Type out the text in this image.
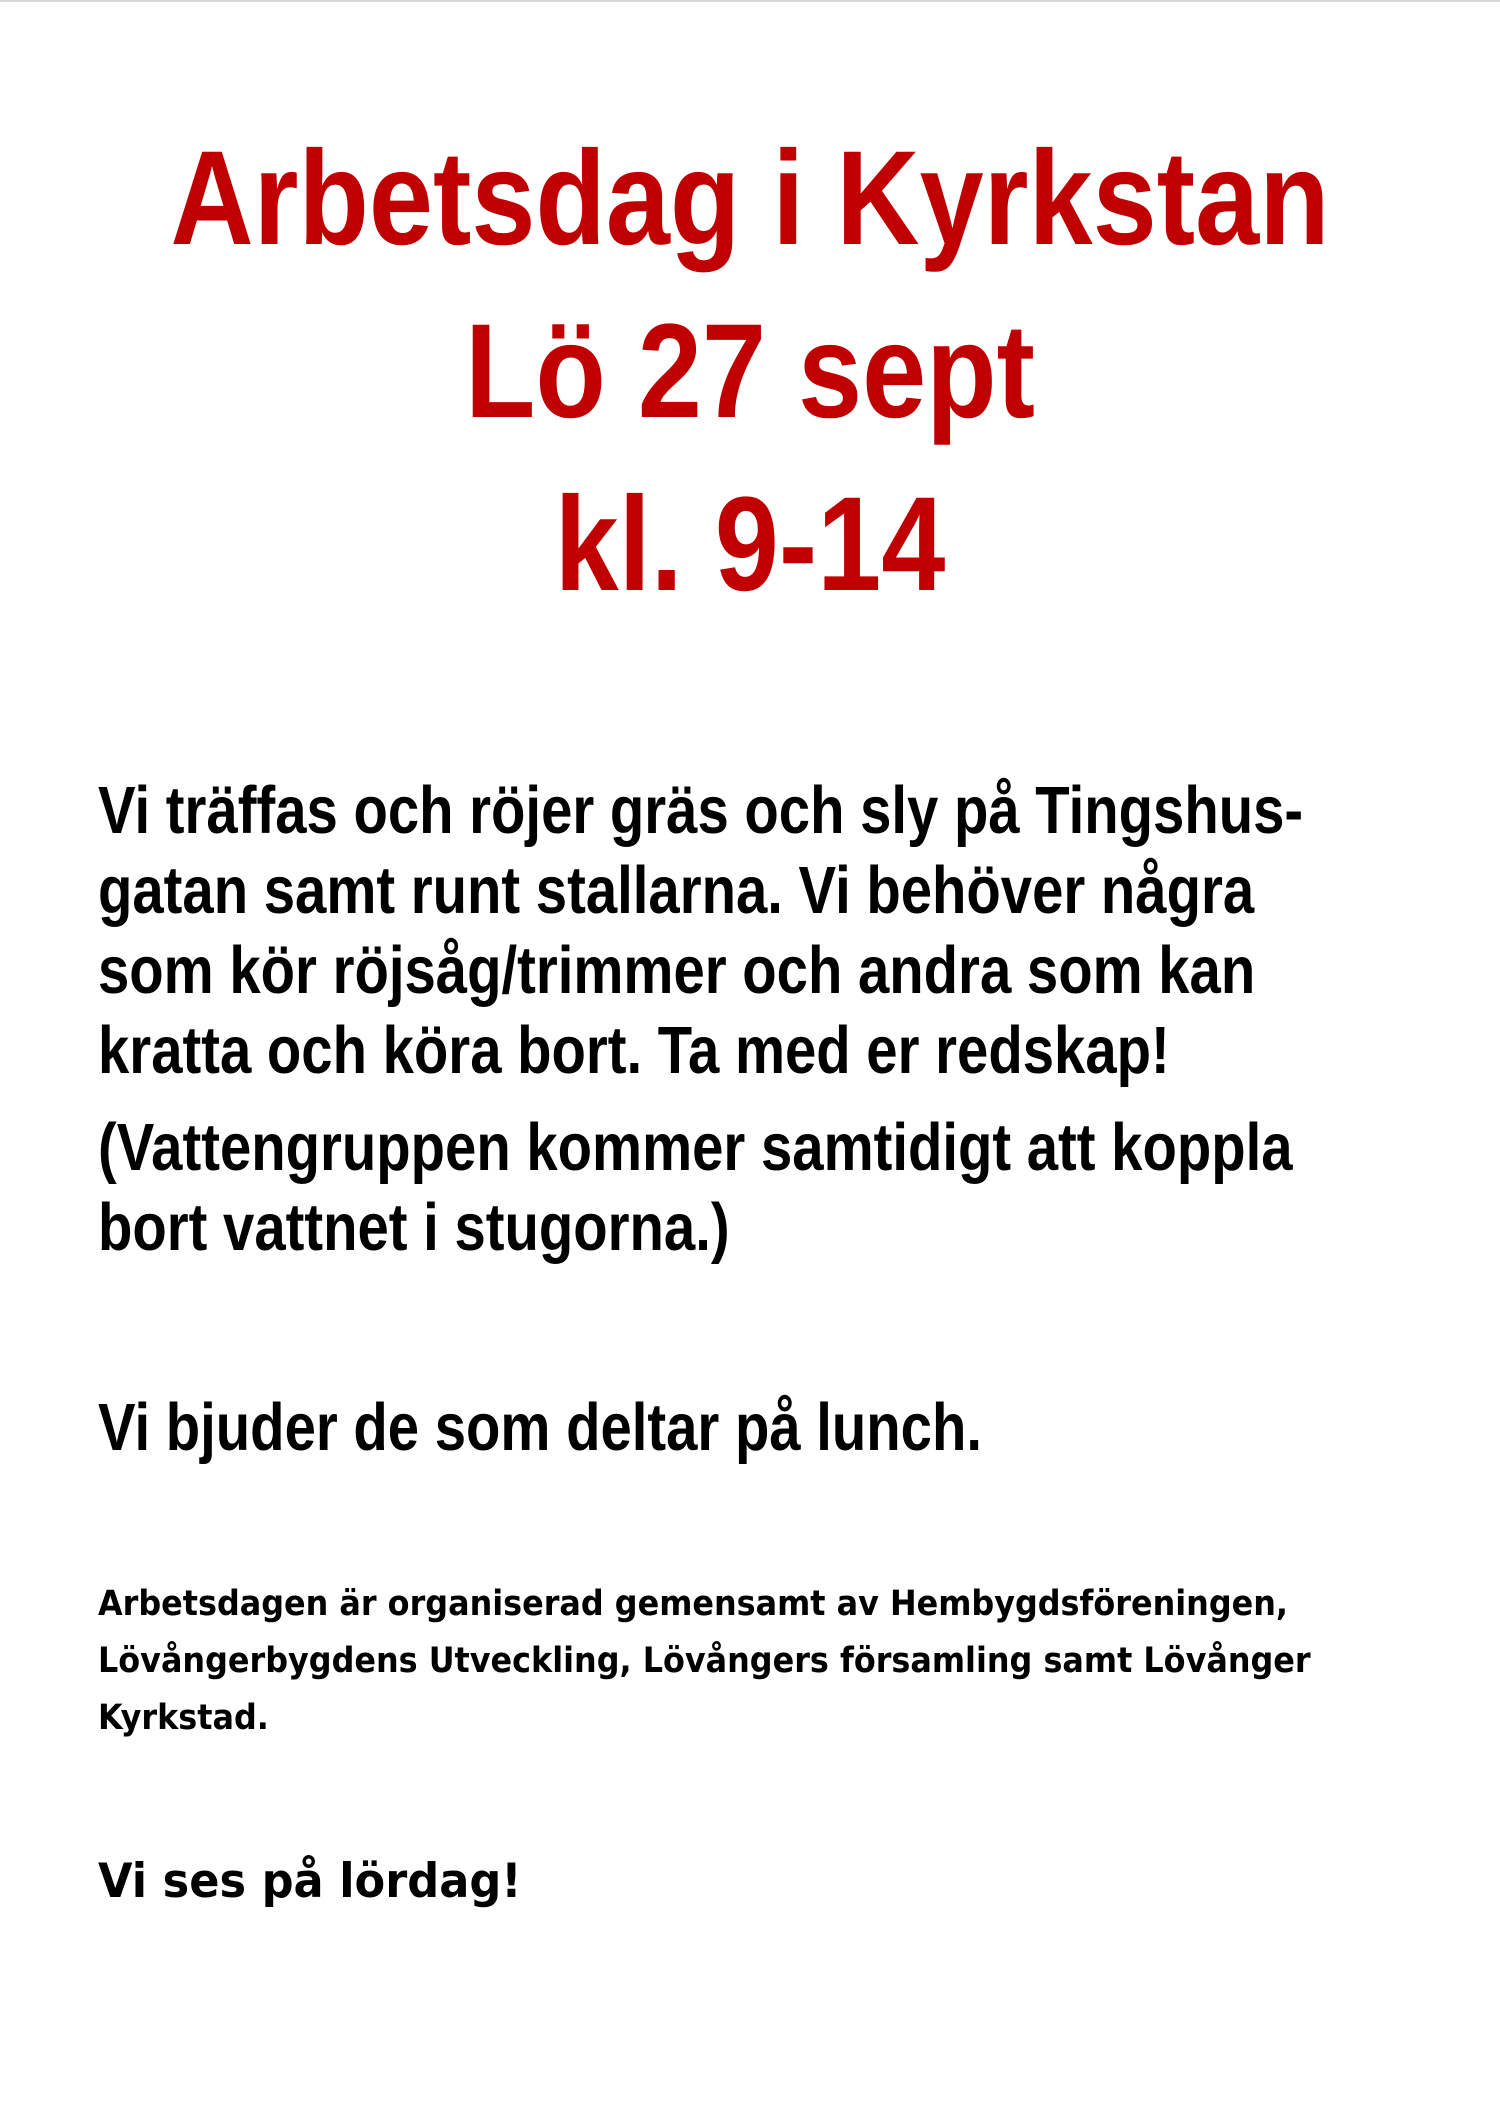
Arbetsdag i Kyrkstan
Lö 27 sept
kl. 9-14

Vi träffas och röjer gräs och sly på Tingshus-
gatan samt runt stallarna. Vi behöver några
som kör röjsåg/trimmer och andra som kan
kratta och köra bort. Ta med er redskap!

(Vattengruppen kommer samtidigt att koppla
bort vattnet i stugorna.)

Vi bjuder de som deltar på lunch.

Arbetsdagen är organiserad gemensamt av Hembygdsföreningen,
Lövångerbygdens Utveckling, Lövångers församling samt Lövånger
Kyrkstad.

Vi ses på lördag!
